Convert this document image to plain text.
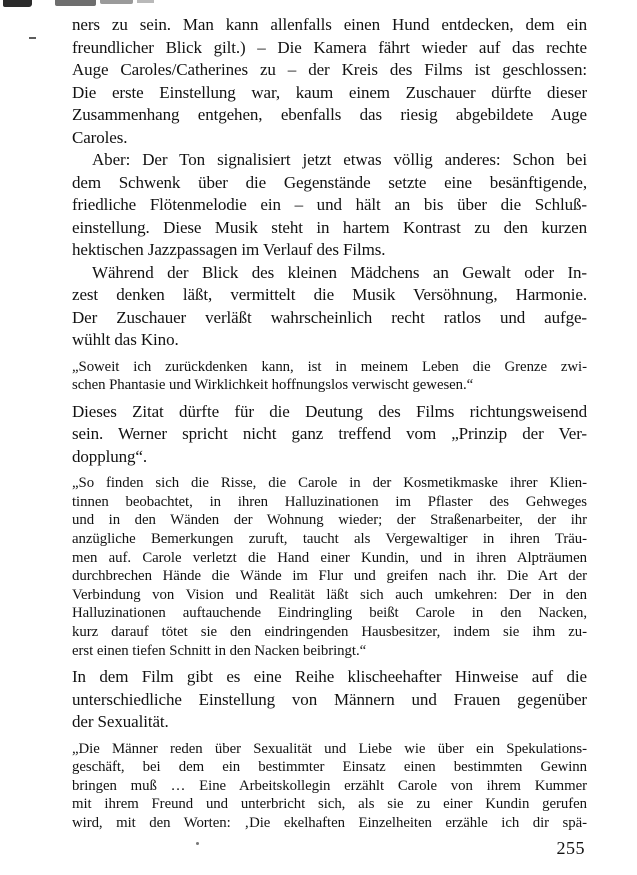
ners zu sein. Man kann allenfalls einen Hund entdecken, dem ein
freundlicher Blick gilt.) – Die Kamera fährt wieder auf das rechte
Auge Caroles/Catherines zu – der Kreis des Films ist geschlossen:
Die erste Einstellung war, kaum einem Zuschauer dürfte dieser
Zusammenhang entgehen, ebenfalls das riesig abgebildete Auge
Caroles.
Aber: Der Ton signalisiert jetzt etwas völlig anderes: Schon bei
dem Schwenk über die Gegenstände setzte eine besänftigende,
friedliche Flötenmelodie ein – und hält an bis über die Schluß-
einstellung. Diese Musik steht in hartem Kontrast zu den kurzen
hektischen Jazzpassagen im Verlauf des Films.
Während der Blick des kleinen Mädchens an Gewalt oder In-
zest denken läßt, vermittelt die Musik Versöhnung, Harmonie.
Der Zuschauer verläßt wahrscheinlich recht ratlos und aufge-
wühlt das Kino.
„Soweit ich zurückdenken kann, ist in meinem Leben die Grenze zwi-
schen Phantasie und Wirklichkeit hoffnungslos verwischt gewesen.“
Dieses Zitat dürfte für die Deutung des Films richtungsweisend
sein. Werner spricht nicht ganz treffend vom „Prinzip der Ver-
dopplung“.
„So finden sich die Risse, die Carole in der Kosmetikmaske ihrer Klien-
tinnen beobachtet, in ihren Halluzinationen im Pflaster des Gehweges
und in den Wänden der Wohnung wieder; der Straßenarbeiter, der ihr
anzügliche Bemerkungen zuruft, taucht als Vergewaltiger in ihren Träu-
men auf. Carole verletzt die Hand einer Kundin, und in ihren Alpträumen
durchbrechen Hände die Wände im Flur und greifen nach ihr. Die Art der
Verbindung von Vision und Realität läßt sich auch umkehren: Der in den
Halluzinationen auftauchende Eindringling beißt Carole in den Nacken,
kurz darauf tötet sie den eindringenden Hausbesitzer, indem sie ihm zu-
erst einen tiefen Schnitt in den Nacken beibringt.“
In dem Film gibt es eine Reihe klischeehafter Hinweise auf die
unterschiedliche Einstellung von Männern und Frauen gegenüber
der Sexualität.
„Die Männer reden über Sexualität und Liebe wie über ein Spekulations-
geschäft, bei dem ein bestimmter Einsatz einen bestimmten Gewinn
bringen muß … Eine Arbeitskollegin erzählt Carole von ihrem Kummer
mit ihrem Freund und unterbricht sich, als sie zu einer Kundin gerufen
wird, mit den Worten: ‚Die ekelhaften Einzelheiten erzähle ich dir spä-
255
